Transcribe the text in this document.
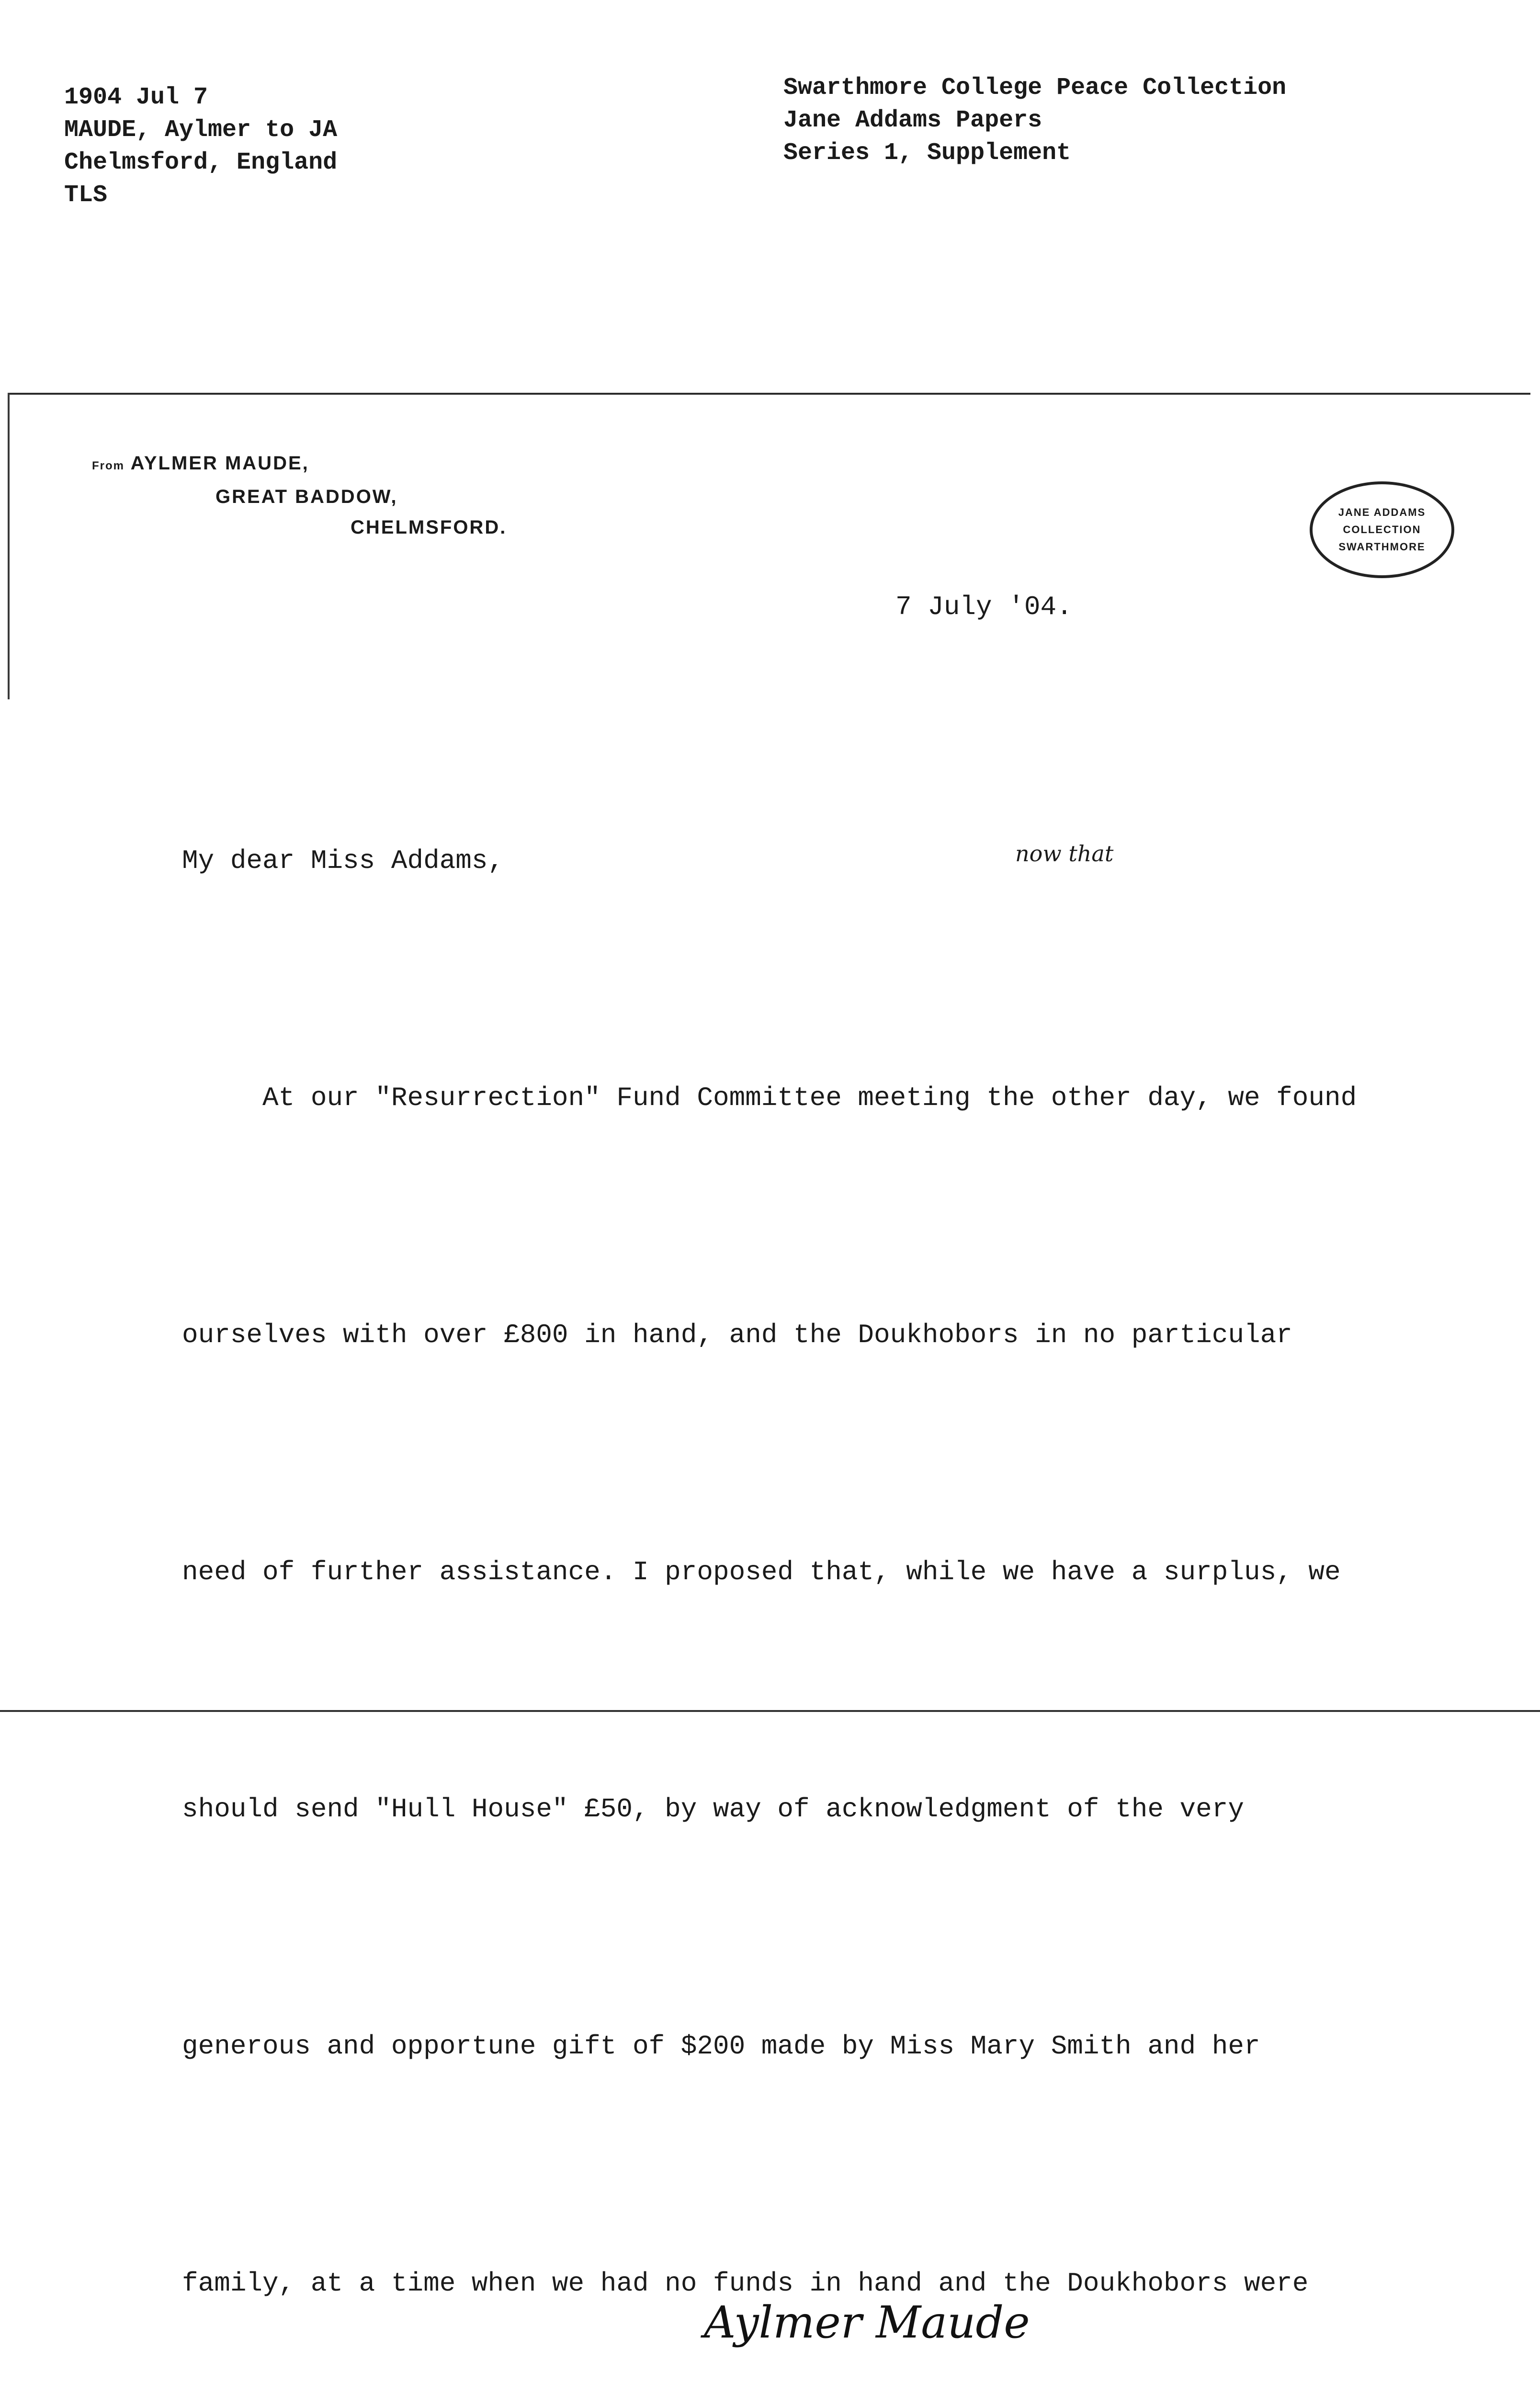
1904 Jul 7
MAUDE, Aylmer to JA
Chelmsford, England
TLS
Swarthmore College Peace Collection
Jane Addams Papers
Series 1, Supplement
From AYLMER MAUDE,
GREAT BADDOW,
CHELMSFORD.
JANE ADDAMS
COLLECTION
SWARTHMORE
7 July '04.
now that

My dear Miss Addams,

At our "Resurrection" Fund Committee meeting the other day, we found

ourselves with over £800 in hand, and the Doukhobors in no particular

need of further assistance. I proposed that, while we have a surplus, we

should send "Hull House" £50, by way of acknowledgment of the very

generous and opportune gift of $200 made by Miss Mary Smith and her

family, at a time when we had no funds in hand and the Doukhobors were

Aylmer Maude
